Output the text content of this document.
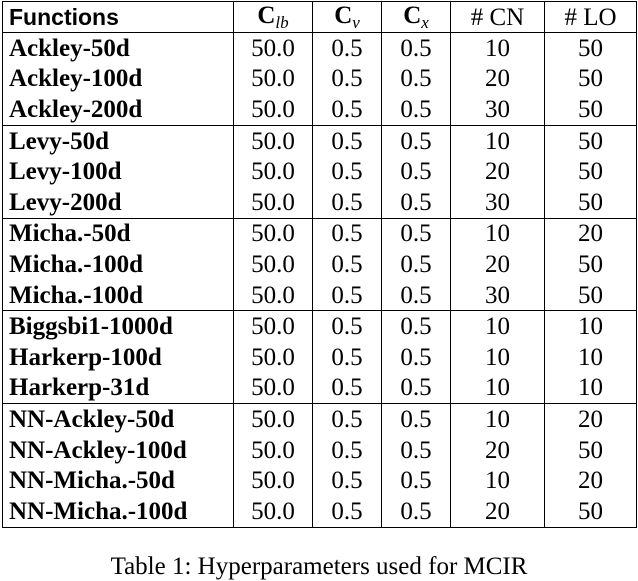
Functions	$C_{lb}$	$C_v$	$C_x$	# CN	# LO
Ackley-50d	50.0	0.5	0.5	10	50
Ackley-100d	50.0	0.5	0.5	20	50
Ackley-200d	50.0	0.5	0.5	30	50
Levy-50d	50.0	0.5	0.5	10	50
Levy-100d	50.0	0.5	0.5	20	50
Levy-200d	50.0	0.5	0.5	30	50
Micha.-50d	50.0	0.5	0.5	10	20
Micha.-100d	50.0	0.5	0.5	20	50
Micha.-100d	50.0	0.5	0.5	30	50
Biggsbi1-1000d	50.0	0.5	0.5	10	10
Harkerp-100d	50.0	0.5	0.5	10	10
Harkerp-31d	50.0	0.5	0.5	10	10
NN-Ackley-50d	50.0	0.5	0.5	10	20
NN-Ackley-100d	50.0	0.5	0.5	20	50
NN-Micha.-50d	50.0	0.5	0.5	10	20
NN-Micha.-100d	50.0	0.5	0.5	20	50
Table 1: Hyperparameters used for MCIR
